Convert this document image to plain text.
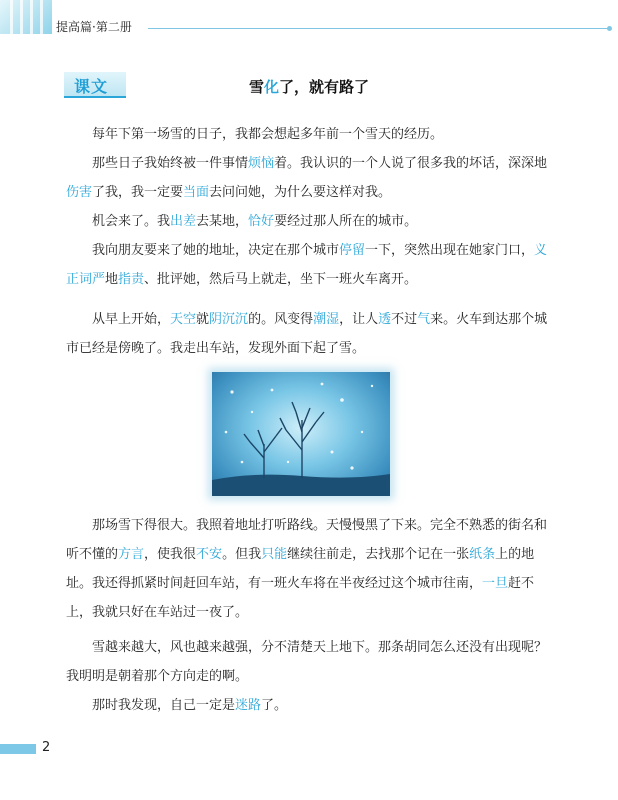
提高篇·第二册
课文	雪化了，就有路了
每年下第一场雪的日子，我都会想起多年前一个雪天的经历。
那些日子我始终被一件事情烦恼着。我认识的一个人说了很多我的坏话，深深地伤害了我，我一定要当面去问问她，为什么要这样对我。
机会来了。我出差去某地，恰好要经过那人所在的城市。
我向朋友要来了她的地址，决定在那个城市停留一下，突然出现在她家门口，义正词严地指责、批评她，然后马上就走，坐下一班火车离开。
从早上开始，天空就阴沉沉的。风变得潮湿，让人透不过气来。火车到达那个城市已经是傍晚了。我走出车站，发现外面下起了雪。
那场雪下得很大。我照着地址打听路线。天慢慢黑了下来。完全不熟悉的街名和听不懂的方言，使我很不安。但我只能继续往前走，去找那个记在一张纸条上的地址。我还得抓紧时间赶回车站，有一班火车将在半夜经过这个城市往南，一旦赶不上，我就只好在车站过一夜了。
雪越来越大，风也越来越强，分不清楚天上地下。那条胡同怎么还没有出现呢？我明明是朝着那个方向走的啊。
那时我发现，自己一定是迷路了。
2
